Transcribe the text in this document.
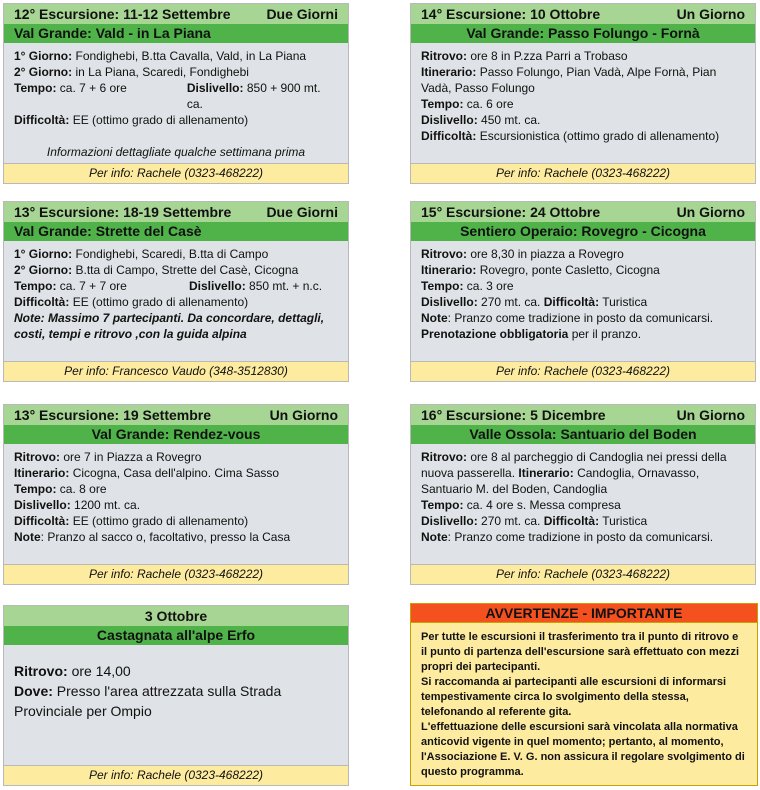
12° Escursione: 11-12 Settembre	Due Giorni
Val Grande: Vald - in La Piana
1° Giorno: Fondighebi, B.tta Cavalla, Vald, in La Piana
2° Giorno: in La Piana, Scaredi, Fondighebi
Tempo: ca. 7 + 6 ore	Dislivello: 850 + 900 mt. ca.
Difficoltà: EE (ottimo grado di allenamento)
Informazioni dettagliate qualche settimana prima
Per info: Rachele (0323-468222)
14° Escursione: 10 Ottobre	Un Giorno
Val Grande: Passo Folungo - Fornà
Ritrovo: ore 8 in P.zza Parri a Trobaso
Itinerario: Passo Folungo, Pian Vadà, Alpe Fornà, Pian Vadà, Passo Folungo
Tempo: ca. 6 ore
Dislivello: 450 mt. ca.
Difficoltà: Escursionistica (ottimo grado di allenamento)
Per info: Rachele (0323-468222)
13° Escursione: 18-19 Settembre	Due Giorni
Val Grande: Strette del Casè
1° Giorno: Fondighebi, Scaredi, B.tta di Campo
2° Giorno: B.tta di Campo, Strette del Casè, Cicogna
Tempo: ca. 7 + 7 ore	Dislivello: 850 mt. + n.c.
Difficoltà: EE (ottimo grado di allenamento)
Note: Massimo 7 partecipanti. Da concordare, dettagli, costi, tempi e ritrovo ,con la guida alpina
Per info: Francesco Vaudo (348-3512830)
15° Escursione: 24 Ottobre	Un Giorno
Sentiero Operaio: Rovegro - Cicogna
Ritrovo: ore 8,30 in piazza a Rovegro
Itinerario: Rovegro, ponte Casletto, Cicogna
Tempo: ca. 3 ore
Dislivello: 270 mt. ca. Difficoltà: Turistica
Note: Pranzo come tradizione in posto da comunicarsi.
Prenotazione obbligatoria per il pranzo.
Per info: Rachele (0323-468222)
13° Escursione: 19 Settembre	Un Giorno
Val Grande: Rendez-vous
Ritrovo: ore 7 in Piazza a Rovegro
Itinerario: Cicogna, Casa dell'alpino. Cima Sasso
Tempo: ca. 8 ore
Dislivello: 1200 mt. ca.
Difficoltà: EE (ottimo grado di allenamento)
Note: Pranzo al sacco o, facoltativo, presso la Casa
Per info: Rachele (0323-468222)
16° Escursione: 5 Dicembre	Un Giorno
Valle Ossola: Santuario del Boden
Ritrovo: ore 8 al parcheggio di Candoglia nei pressi della nuova passerella. Itinerario: Candoglia, Ornavasso, Santuario M. del Boden, Candoglia
Tempo: ca. 4 ore s. Messa compresa
Dislivello: 270 mt. ca. Difficoltà: Turistica
Note: Pranzo come tradizione in posto da comunicarsi.
Per info: Rachele (0323-468222)
3 Ottobre
Castagnata all'alpe Erfo
Ritrovo: ore 14,00
Dove: Presso l'area attrezzata sulla Strada Provinciale per Ompio
Per info: Rachele (0323-468222)
AVVERTENZE - IMPORTANTE

Per tutte le escursioni il trasferimento tra il punto di ritrovo e il punto di partenza dell'escursione sarà effettuato con mezzi propri dei partecipanti.

Si raccomanda ai partecipanti alle escursioni di informarsi tempestivamente circa lo svolgimento della stessa, telefonando al referente gita.

L'effettuazione delle escursioni sarà vincolata alla normativa anticovid vigente in quel momento; pertanto, al momento, l'Associazione E. V. G. non assicura il regolare svolgimento di questo programma.
